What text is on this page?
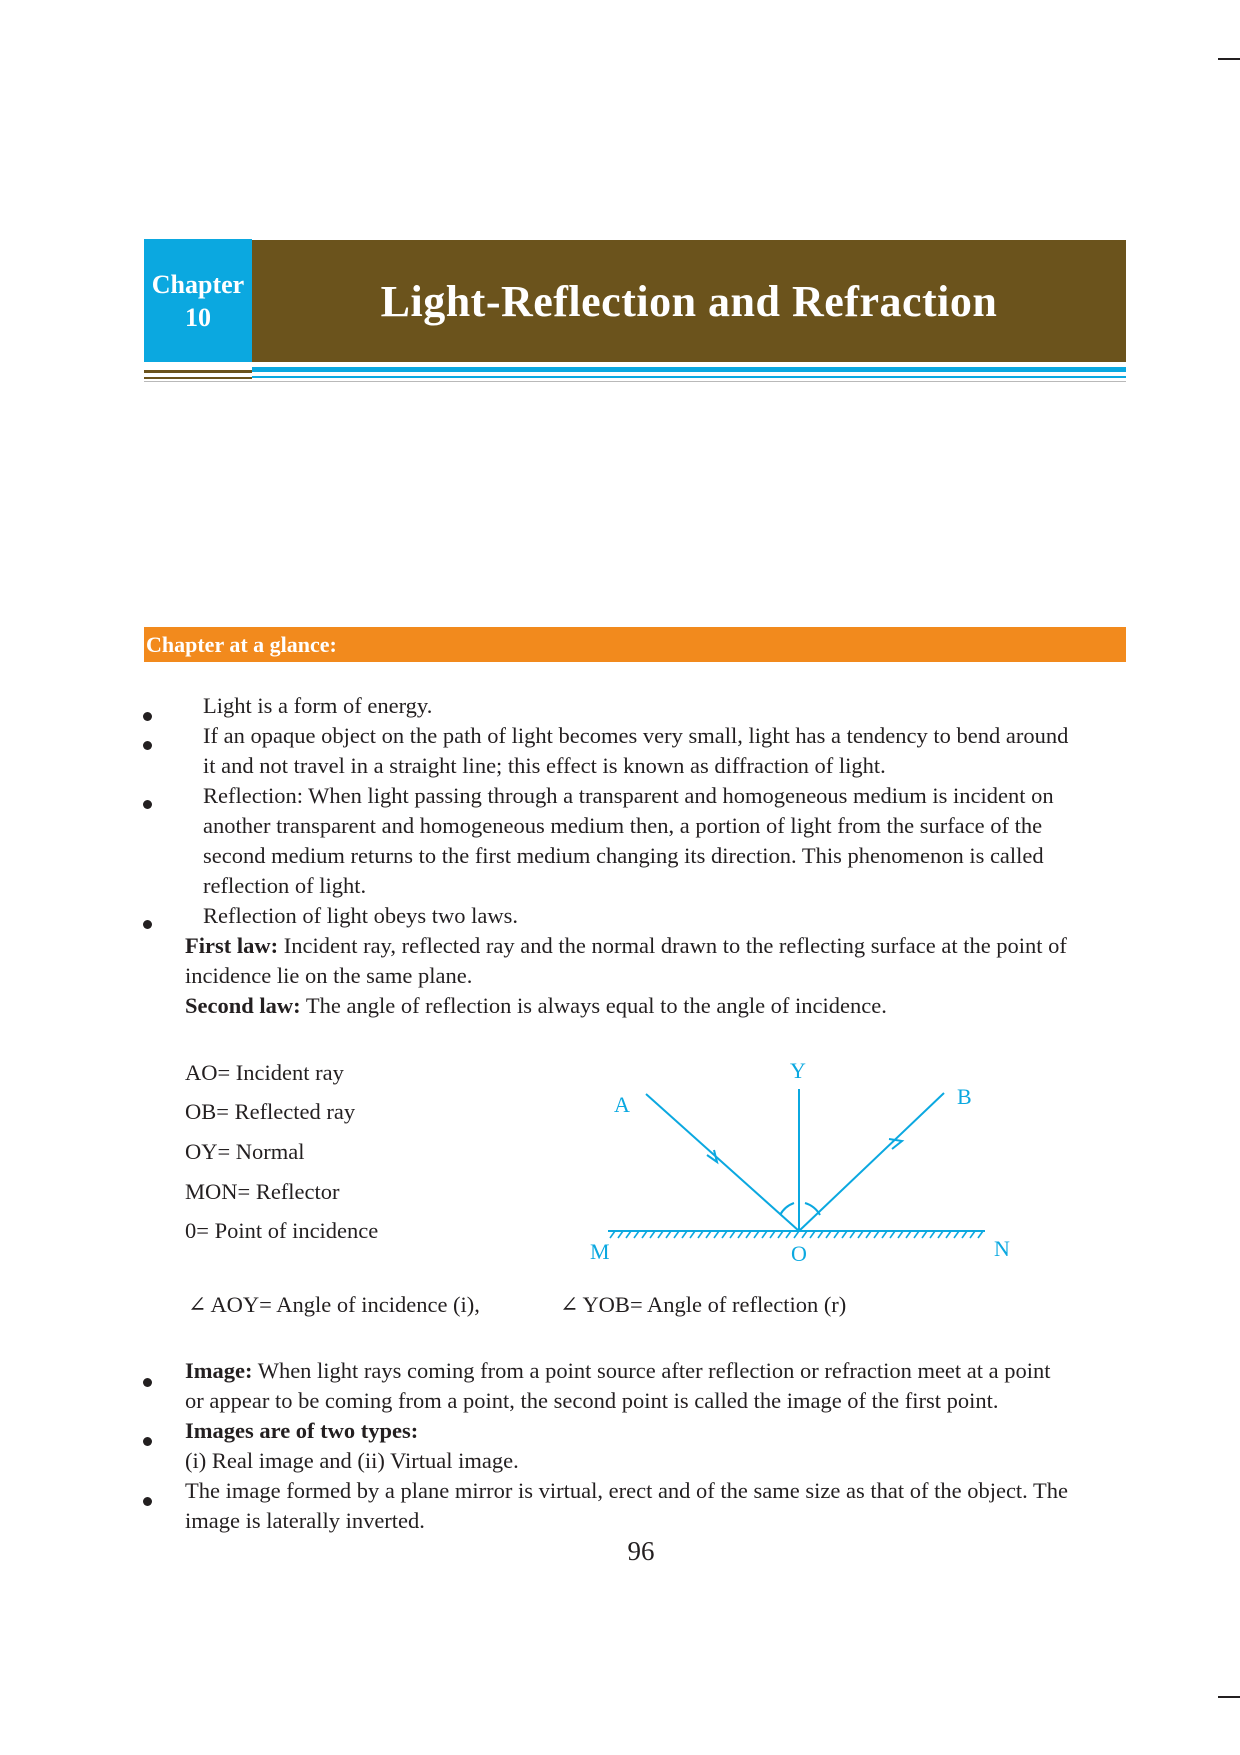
Chapter
10	Light-Reflection and Refraction
Chapter at a glance:

Light is a form of energy.

If an opaque object on the path of light becomes very small, light has a tendency to bend around

it and not travel in a straight line; this effect is known as diffraction of light.

Reflection: When light passing through a transparent and homogeneous medium is incident on

another transparent and homogeneous medium then, a portion of light from the surface of the

second medium returns to the first medium changing its direction. This phenomenon is called

reflection of light.

Reflection of light obeys two laws.

First law: Incident ray, reflected ray and the normal drawn to the reflecting surface at the point of

incidence lie on the same plane.

Second law: The angle of reflection is always equal to the angle of incidence.

AO= Incident ray
OB= Reflected ray
OY= Normal
MON= Reflector
0= Point of incidence
A	B
Y
M	O	N
∠ AOY= Angle of incidence (i),	∠ YOB= Angle of reflection (r)

Image: When light rays coming from a point source after reflection or refraction meet at a point

or appear to be coming from a point, the second point is called the image of the first point.

Images are of two types:

(i) Real image and (ii) Virtual image.

The image formed by a plane mirror is virtual, erect and of the same size as that of the object. The

image is laterally inverted.

96
